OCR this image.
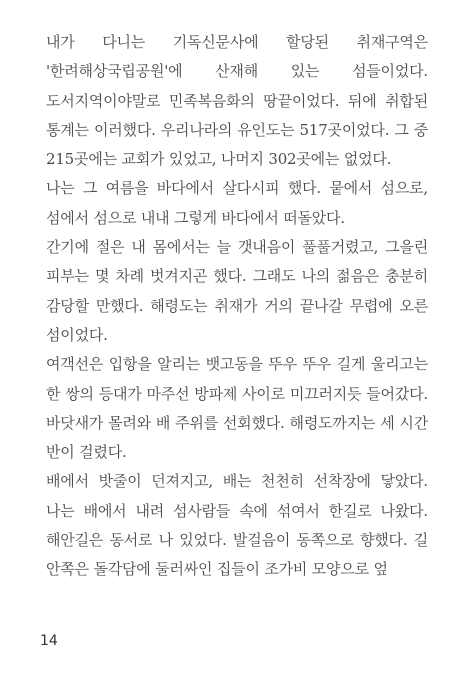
내가 다니는 기독신문사에 할당된 취재구역은 '한려해상국립공원'에 산재해 있는 섬들이었다. 도서지역이야말로 민족복음화의 땅끝이었다. 뒤에 취합된 통계는 이러했다. 우리나라의 유인도는 517곳이었다. 그 중 215곳에는 교회가 있었고, 나머지 302곳에는 없었다.

나는 그 여름을 바다에서 살다시피 했다. 뭍에서 섬으로, 섬에서 섬으로 내내 그렇게 바다에서 떠돌았다.

간기에 절은 내 몸에서는 늘 갯내음이 풀풀거렸고, 그을린 피부는 몇 차례 벗겨지곤 했다. 그래도 나의 젊음은 충분히 감당할 만했다. 해령도는 취재가 거의 끝나갈 무렵에 오른 섬이었다.

여객선은 입항을 알리는 뱃고동을 뚜우 뚜우 길게 울리고는 한 쌍의 등대가 마주선 방파제 사이로 미끄러지듯 들어갔다. 바닷새가 몰려와 배 주위를 선회했다. 해령도까지는 세 시간 반이 걸렸다.

배에서 밧줄이 던져지고, 배는 천천히 선착장에 닿았다. 나는 배에서 내려 섬사람들 속에 섞여서 한길로 나왔다. 해안길은 동서로 나 있었다. 발걸음이 동쪽으로 향했다. 길 안쪽은 돌각담에 둘러싸인 집들이 조가비 모양으로 엎

14
